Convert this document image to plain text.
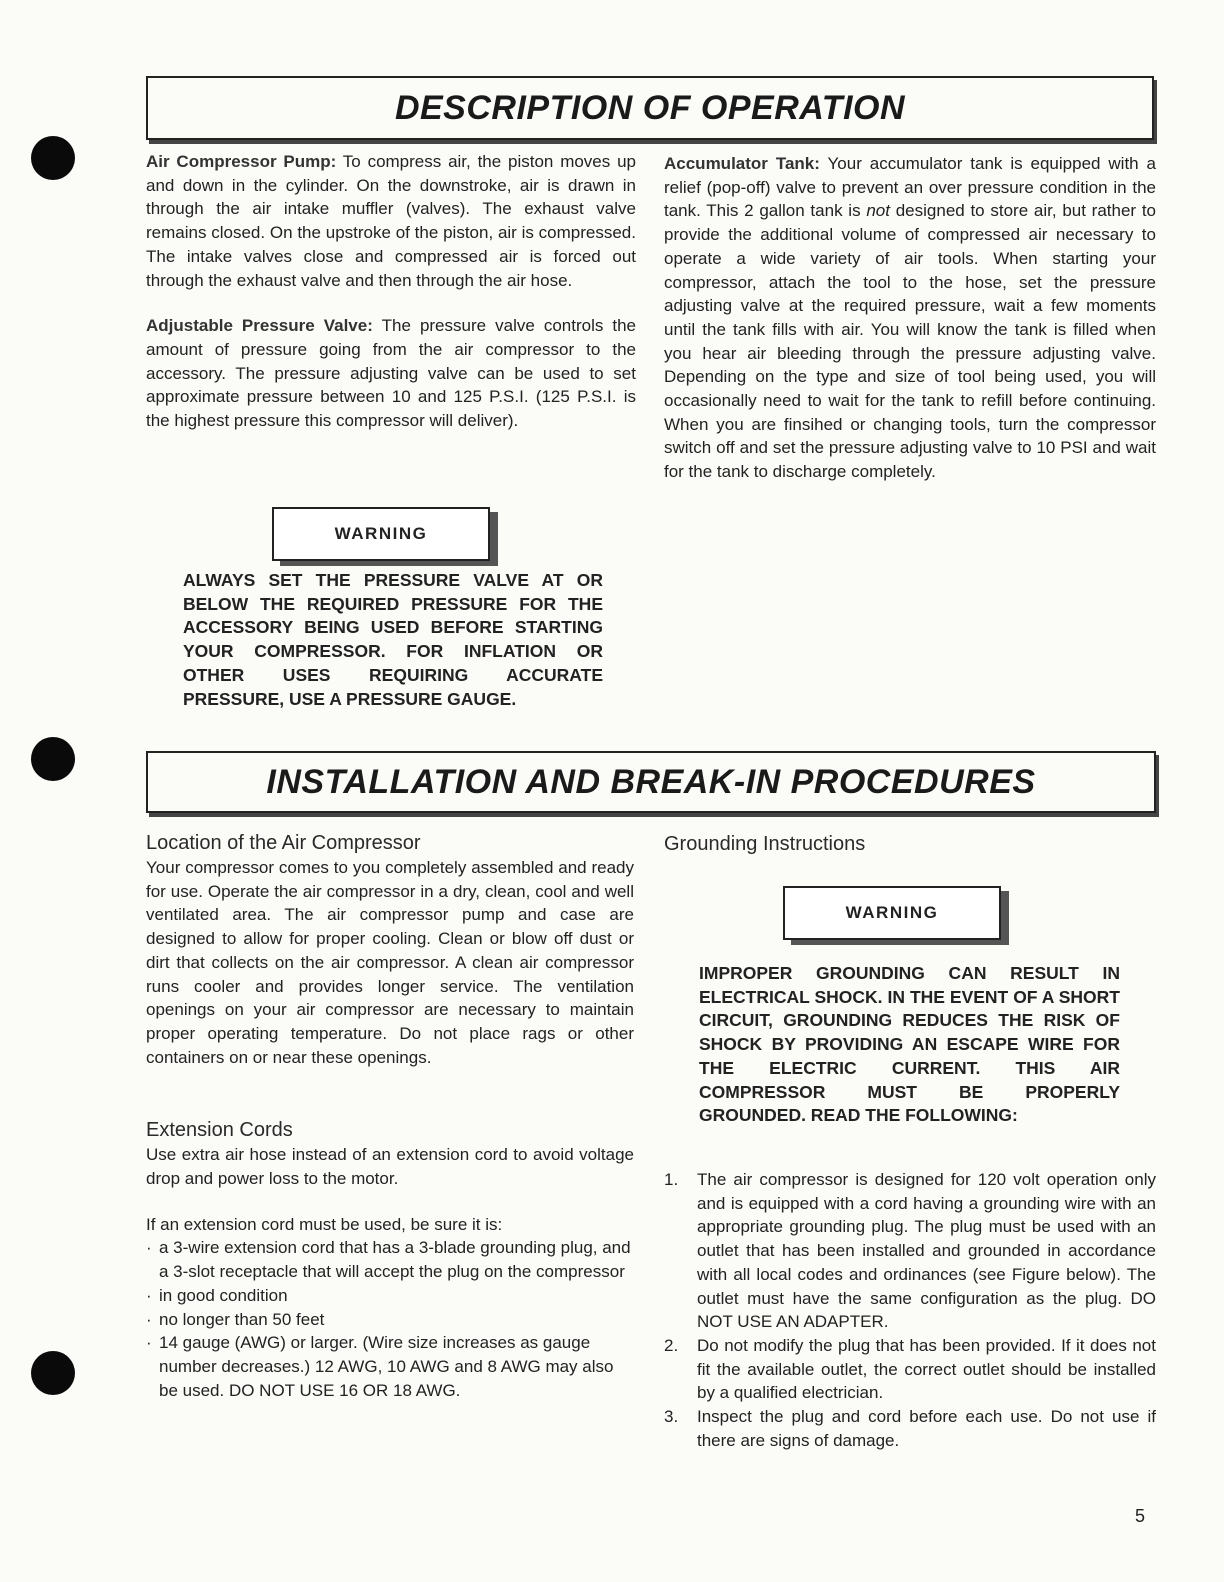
DESCRIPTION OF OPERATION

Air Compressor Pump: To compress air, the piston moves up and down in the cylinder. On the downstroke, air is drawn in through the air intake muffler (valves). The exhaust valve remains closed. On the upstroke of the piston, air is compressed. The intake valves close and compressed air is forced out through the exhaust valve and then through the air hose.

Adjustable Pressure Valve: The pressure valve controls the amount of pressure going from the air compressor to the accessory. The pressure adjusting valve can be used to set approximate pressure between 10 and 125 P.S.I. (125 P.S.I. is the highest pressure this compressor will deliver).

WARNING
ALWAYS SET THE PRESSURE VALVE AT OR BELOW THE REQUIRED PRESSURE FOR THE ACCESSORY BEING USED BEFORE STARTING YOUR COMPRESSOR. FOR INFLATION OR OTHER USES REQUIRING ACCURATE PRESSURE, USE A PRESSURE GAUGE.

Accumulator Tank: Your accumulator tank is equipped with a relief (pop-off) valve to prevent an over pressure condition in the tank. This 2 gallon tank is not designed to store air, but rather to provide the additional volume of compressed air necessary to operate a wide variety of air tools. When starting your compressor, attach the tool to the hose, set the pressure adjusting valve at the required pressure, wait a few moments until the tank fills with air. You will know the tank is filled when you hear air bleeding through the pressure adjusting valve. Depending on the type and size of tool being used, you will occasionally need to wait for the tank to refill before continuing. When you are finsihed or changing tools, turn the compressor switch off and set the pressure adjusting valve to 10 PSI and wait for the tank to discharge completely.

INSTALLATION AND BREAK-IN PROCEDURES
Location of the Air Compressor

Your compressor comes to you completely assembled and ready for use. Operate the air compressor in a dry, clean, cool and well ventilated area. The air compressor pump and case are designed to allow for proper cooling. Clean or blow off dust or dirt that collects on the air compressor. A clean air compressor runs cooler and provides longer service. The ventilation openings on your air compressor are necessary to maintain proper operating temperature. Do not place rags or other containers on or near these openings.

Extension Cords

Use extra air hose instead of an extension cord to avoid voltage drop and power loss to the motor.

If an extension cord must be used, be sure it is:

· a 3-wire extension cord that has a 3-blade grounding plug, and a 3-slot receptacle that will accept the plug on the compressor
· in good condition
· no longer than 50 feet
· 14 gauge (AWG) or larger. (Wire size increases as gauge number decreases.) 12 AWG, 10 AWG and 8 AWG may also be used. DO NOT USE 16 OR 18 AWG.
Grounding Instructions
WARNING
IMPROPER GROUNDING CAN RESULT IN ELECTRICAL SHOCK. IN THE EVENT OF A SHORT CIRCUIT, GROUNDING REDUCES THE RISK OF SHOCK BY PROVIDING AN ESCAPE WIRE FOR THE ELECTRIC CURRENT. THIS AIR COMPRESSOR MUST BE PROPERLY GROUNDED. READ THE FOLLOWING:
1. The air compressor is designed for 120 volt operation only and is equipped with a cord having a grounding wire with an appropriate grounding plug. The plug must be used with an outlet that has been installed and grounded in accordance with all local codes and ordinances (see Figure below). The outlet must have the same configuration as the plug. DO NOT USE AN ADAPTER.
2. Do not modify the plug that has been provided. If it does not fit the available outlet, the correct outlet should be installed by a qualified electrician.
3. Inspect the plug and cord before each use. Do not use if there are signs of damage.
5
